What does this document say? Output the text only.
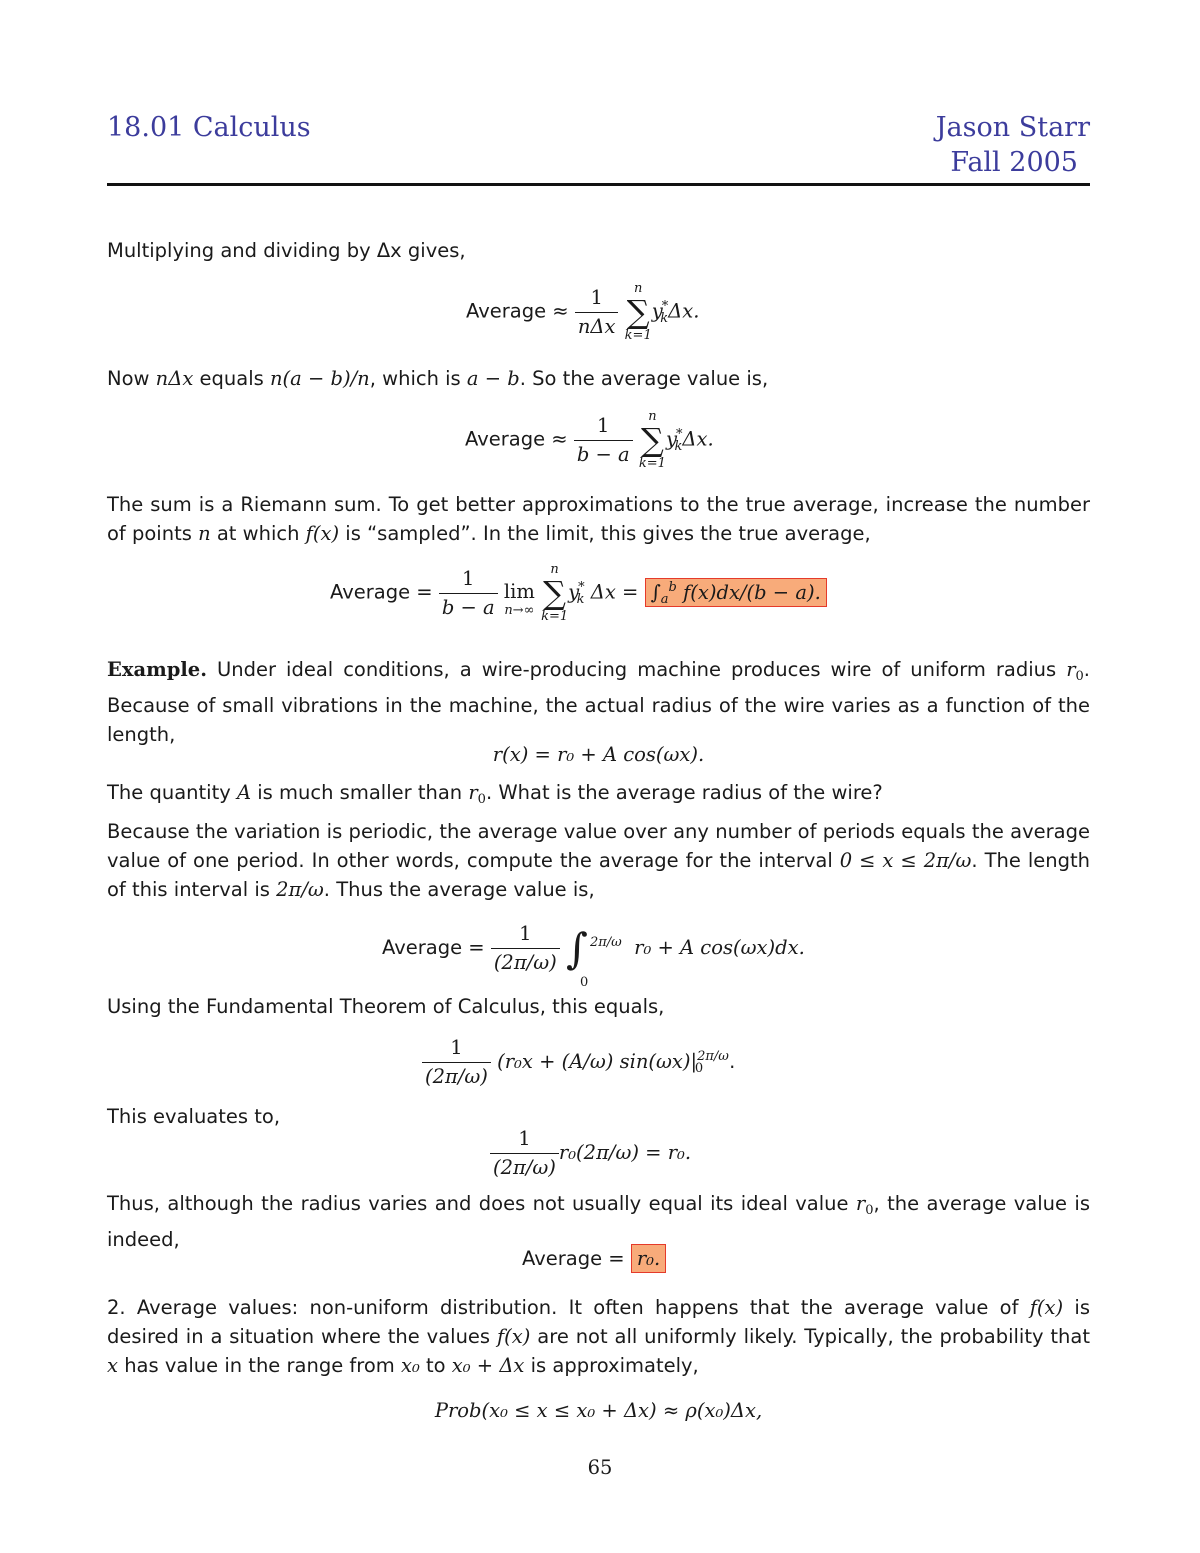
18.01 Calculus	Jason Starr
Fall 2005
Multiplying and dividing by Δx gives,
Average ≈ $\frac{1}{\text{nΔx}}$
	n
∑
k=1
$y^*_k\Delta x$.
Now nΔx equals n(a − b)/n, which is a − b. So the average value is,
Average ≈ $\frac{1}{b - a}$
	n
∑
k=1
$y^*_k\Delta x$.
The sum is a Riemann sum. To get better approximations to the true average, increase the number of points n at which f(x) is “sampled”. In the limit, this gives the true average,
Average = $\frac{1}{b - a}$
lim
n→∞

n
∑
k=1
$y^*_k$ $\Delta x = \int_a^b$ f(x)dx/(b − a).
Example. Under ideal conditions, a wire-producing machine produces wire of uniform radius $r_0$. Because of small vibrations in the machine, the actual radius of the wire varies as a function of the length,
r(x) = r₀ + A cos(ωx).
The quantity A is much smaller than $r_0$. What is the average radius of the wire?
Because the variation is periodic, the average value over any number of periods equals the average value of one period. In other words, compute the average for the interval 0 ≤ x ≤ 2π/ω. The length of this interval is 2π/ω. Thus the average value is,
Average = $\frac{1}{(2\pi/\omega)}$ ∫ 2π/ω
0
r₀ + A cos(ωx)dx.
Using the Fundamental Theorem of Calculus, this equals,
$\frac{1}{(2\pi/\omega)} (r_0x + (A/\omega)$ $\sin(\omega x)|^{2\pi/\omega}_0$ .
This evaluates to,
$\frac{1}{(2\pi/\omega)} r_0(2\pi/\omega) = r_0$.
Thus, although the radius varies and does not usually equal its ideal value $r_0$, the average value is indeed,
Average = r₀.
2. Average values: non-uniform distribution. It often happens that the average value of f(x) is desired in a situation where the values f(x) are not all uniformly likely. Typically, the probability that x has value in the range from x₀ to x₀ + Δx is approximately,
Prob(x₀ ≤ x ≤ x₀ + Δx) ≈ ρ(x₀)Δx,
65
